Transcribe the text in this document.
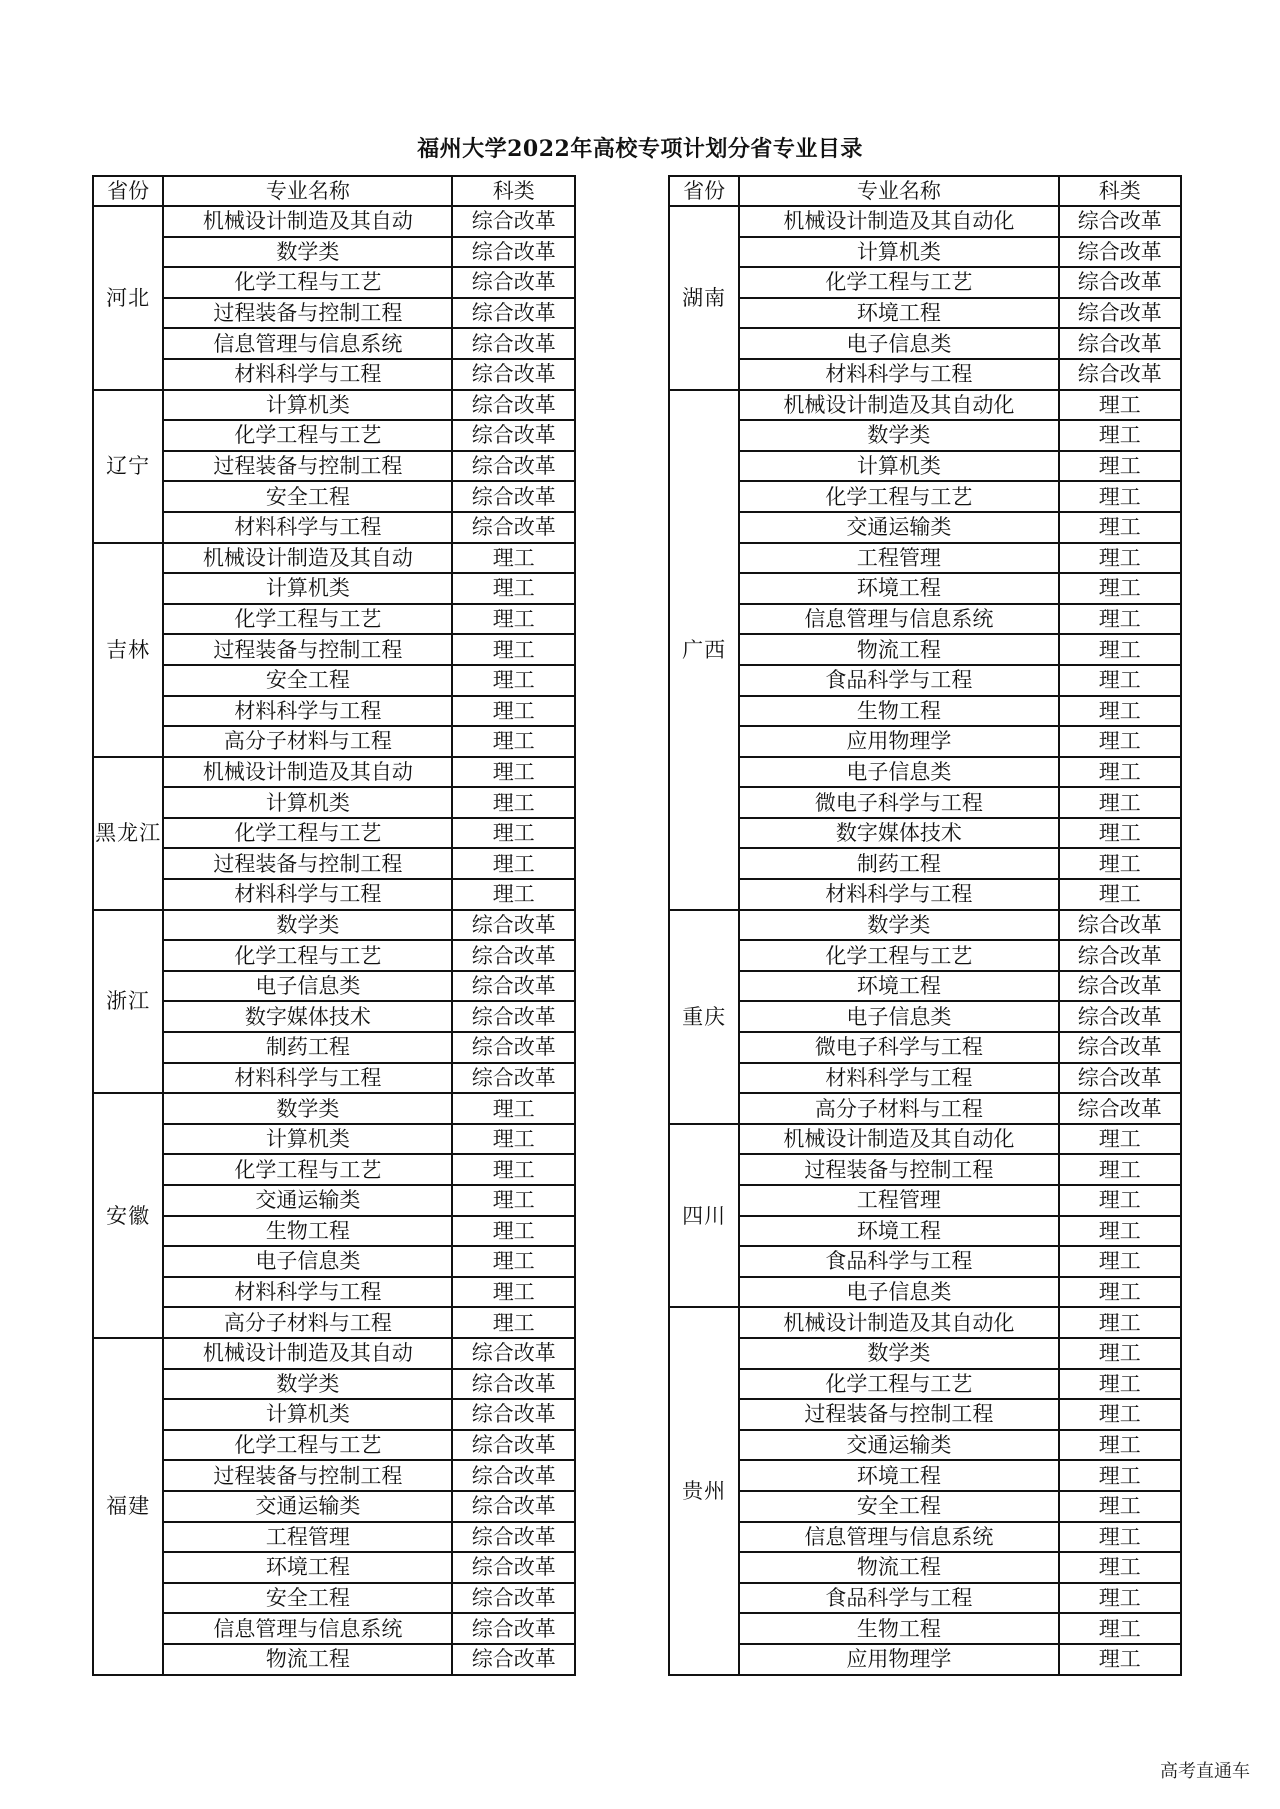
福州大学2022年高校专项计划分省专业目录
省份	专业名称	科类
河北	机械设计制造及其自动	综合改革
	数学类	综合改革
	化学工程与工艺	综合改革
	过程装备与控制工程	综合改革
	信息管理与信息系统	综合改革
	材料科学与工程	综合改革
辽宁	计算机类	综合改革
	化学工程与工艺	综合改革
	过程装备与控制工程	综合改革
	安全工程	综合改革
	材料科学与工程	综合改革
吉林	机械设计制造及其自动	理工
	计算机类	理工
	化学工程与工艺	理工
	过程装备与控制工程	理工
	安全工程	理工
	材料科学与工程	理工
	高分子材料与工程	理工
黑龙江	机械设计制造及其自动	理工
	计算机类	理工
	化学工程与工艺	理工
	过程装备与控制工程	理工
	材料科学与工程	理工
浙江	数学类	综合改革
	化学工程与工艺	综合改革
	电子信息类	综合改革
	数字媒体技术	综合改革
	制药工程	综合改革
	材料科学与工程	综合改革
安徽	数学类	理工
	计算机类	理工
	化学工程与工艺	理工
	交通运输类	理工
	生物工程	理工
	电子信息类	理工
	材料科学与工程	理工
	高分子材料与工程	理工
福建	机械设计制造及其自动	综合改革
	数学类	综合改革
	计算机类	综合改革
	化学工程与工艺	综合改革
	过程装备与控制工程	综合改革
	交通运输类	综合改革
	工程管理	综合改革
	环境工程	综合改革
	安全工程	综合改革
	信息管理与信息系统	综合改革
	物流工程	综合改革
省份	专业名称	科类
湖南	机械设计制造及其自动化	综合改革
	计算机类	综合改革
	化学工程与工艺	综合改革
	环境工程	综合改革
	电子信息类	综合改革
	材料科学与工程	综合改革
广西	机械设计制造及其自动化	理工
	数学类	理工
	计算机类	理工
	化学工程与工艺	理工
	交通运输类	理工
	工程管理	理工
	环境工程	理工
	信息管理与信息系统	理工
	物流工程	理工
	食品科学与工程	理工
	生物工程	理工
	应用物理学	理工
	电子信息类	理工
	微电子科学与工程	理工
	数字媒体技术	理工
	制药工程	理工
	材料科学与工程	理工
重庆	数学类	综合改革
	化学工程与工艺	综合改革
	环境工程	综合改革
	电子信息类	综合改革
	微电子科学与工程	综合改革
	材料科学与工程	综合改革
	高分子材料与工程	综合改革
四川	机械设计制造及其自动化	理工
	过程装备与控制工程	理工
	工程管理	理工
	环境工程	理工
	食品科学与工程	理工
	电子信息类	理工
贵州	机械设计制造及其自动化	理工
	数学类	理工
	化学工程与工艺	理工
	过程装备与控制工程	理工
	交通运输类	理工
	环境工程	理工
	安全工程	理工
	信息管理与信息系统	理工
	物流工程	理工
	食品科学与工程	理工
	生物工程	理工
	应用物理学	理工
高考直通车
